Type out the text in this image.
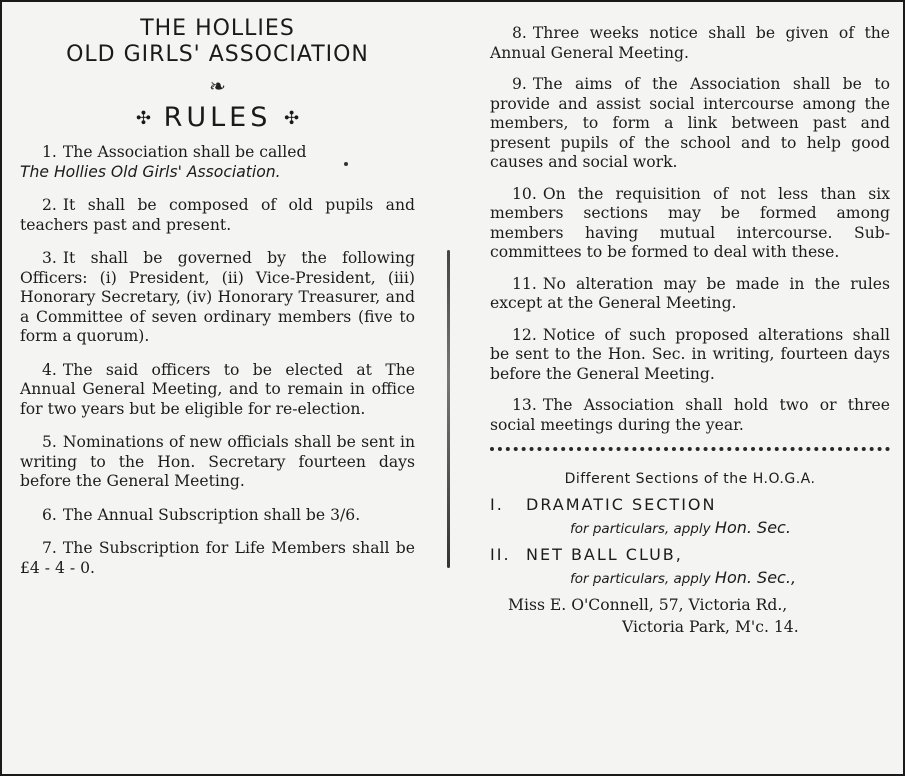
THE HOLLIES
OLD GIRLS' ASSOCIATION
❧
✣ RULES ✣

1. The Association shall be called
The Hollies Old Girls' Association.

2. It shall be composed of old pupils and teachers past and present.

3. It shall be governed by the following Officers: (i) President, (ii) Vice-President, (iii) Honorary Secretary, (iv) Honorary Treasurer, and a Committee of seven ordinary members (five to form a quorum).

4. The said officers to be elected at The Annual General Meeting, and to remain in office for two years but be eligible for re-election.

5. Nominations of new officials shall be sent in writing to the Hon. Secretary fourteen days before the General Meeting.

6. The Annual Subscription shall be 3/6.

7. The Subscription for Life Members shall be £4 - 4 - 0.

8. Three weeks notice shall be given of the Annual General Meeting.

9. The aims of the Association shall be to provide and assist social intercourse among the members, to form a link between past and present pupils of the school and to help good causes and social work.

10. On the requisition of not less than six members sections may be formed among members having mutual intercourse. Sub-committees to be formed to deal with these.

11. No alteration may be made in the rules except at the General Meeting.

12. Notice of such proposed alterations shall be sent to the Hon. Sec. in writing, fourteen days before the General Meeting.

13. The Association shall hold two or three social meetings during the year.

Different Sections of the H.O.G.A.
I. DRAMATIC SECTION
for particulars, apply Hon. Sec.
II. NET BALL CLUB,
for particulars, apply Hon. Sec.,
Miss E. O'Connell, 57, Victoria Rd.,
Victoria Park, M'c. 14.
